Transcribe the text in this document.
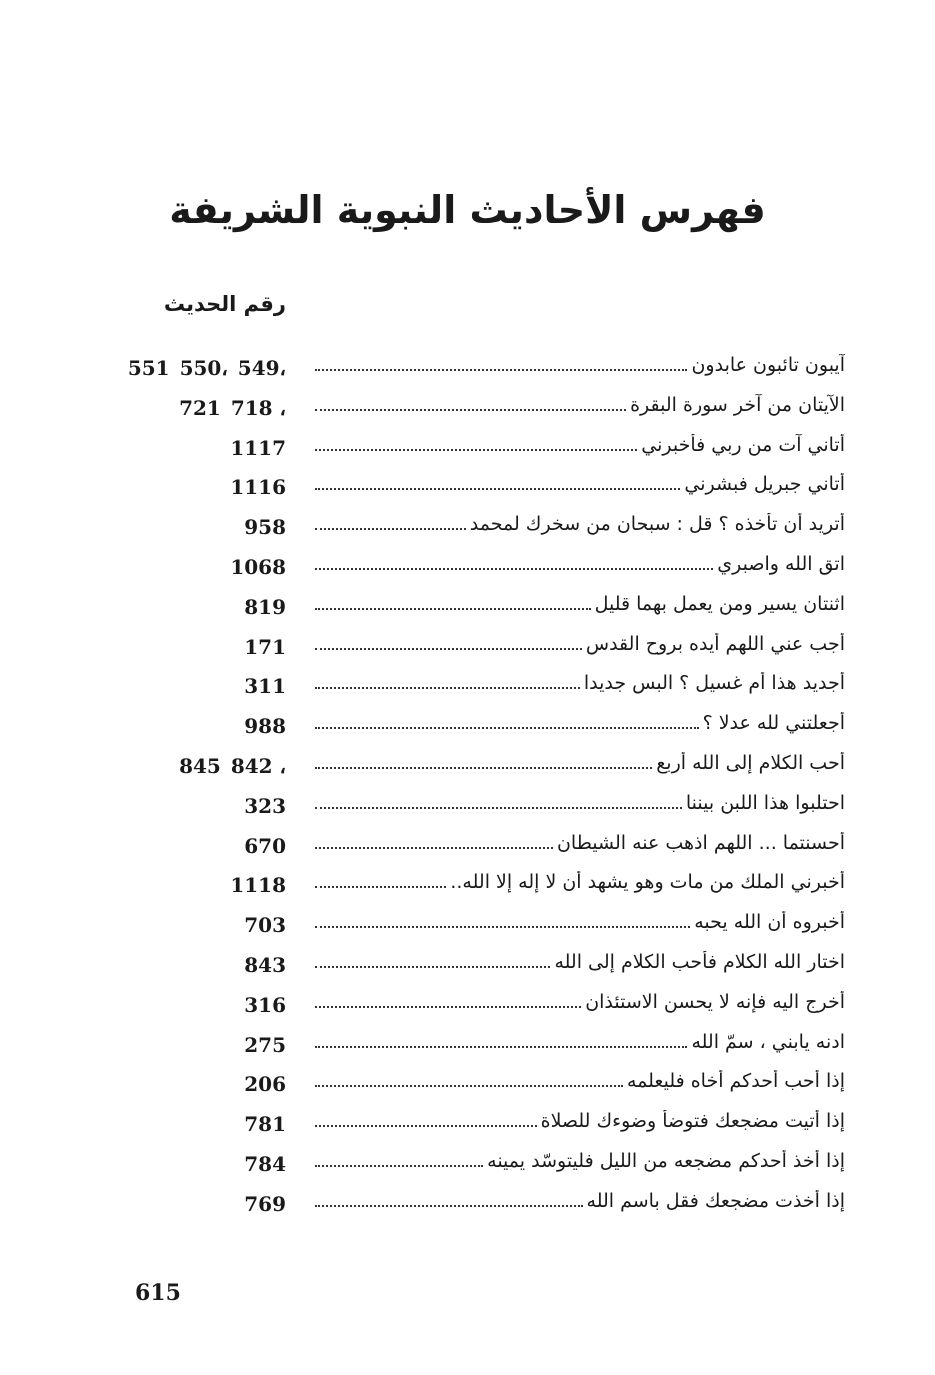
فهرس الأحاديث النبوية الشريفة
رقم الحديث
آيبون تائبون عابدون
549،
550،
551
الآيتان من آخر سورة البقرة
718 ،
721
أتاني آت من ربي فأخبرني
1117
أتاني جبريل فبشرني
1116
أتريد أن تأخذه ؟ قل : سبحان من سخرك لمحمد
958
اتق الله واصبري
1068
اثنتان يسير ومن يعمل بهما قليل
819
أجب عني اللهم أيده بروح القدس
171
أجديد هذا أم غسيل ؟ البس جديدا
311
أجعلتني لله عدلا ؟
988
أحب الكلام إلى الله أربع
842 ،
845
احتلبوا هذا اللبن بيننا
323
أحسنتما ... اللهم اذهب عنه الشيطان
670
أخبرني الملك من مات وهو يشهد أن لا إله إلا الله..
1118
أخبروه أن الله يحبه
703
اختار الله الكلام فأحب الكلام إلى الله
843
أخرج اليه فإنه لا يحسن الاستئذان
316
ادنه يابني ، سمّ الله
275
إذا أحب أحدكم أخاه فليعلمه
206
إذا أتيت مضجعك فتوضأ وضوءك للصلاة
781
إذا أخذ أحدكم مضجعه من الليل فليتوسّد يمينه
784
إذا أخذت مضجعك فقل باسم الله
769
615
